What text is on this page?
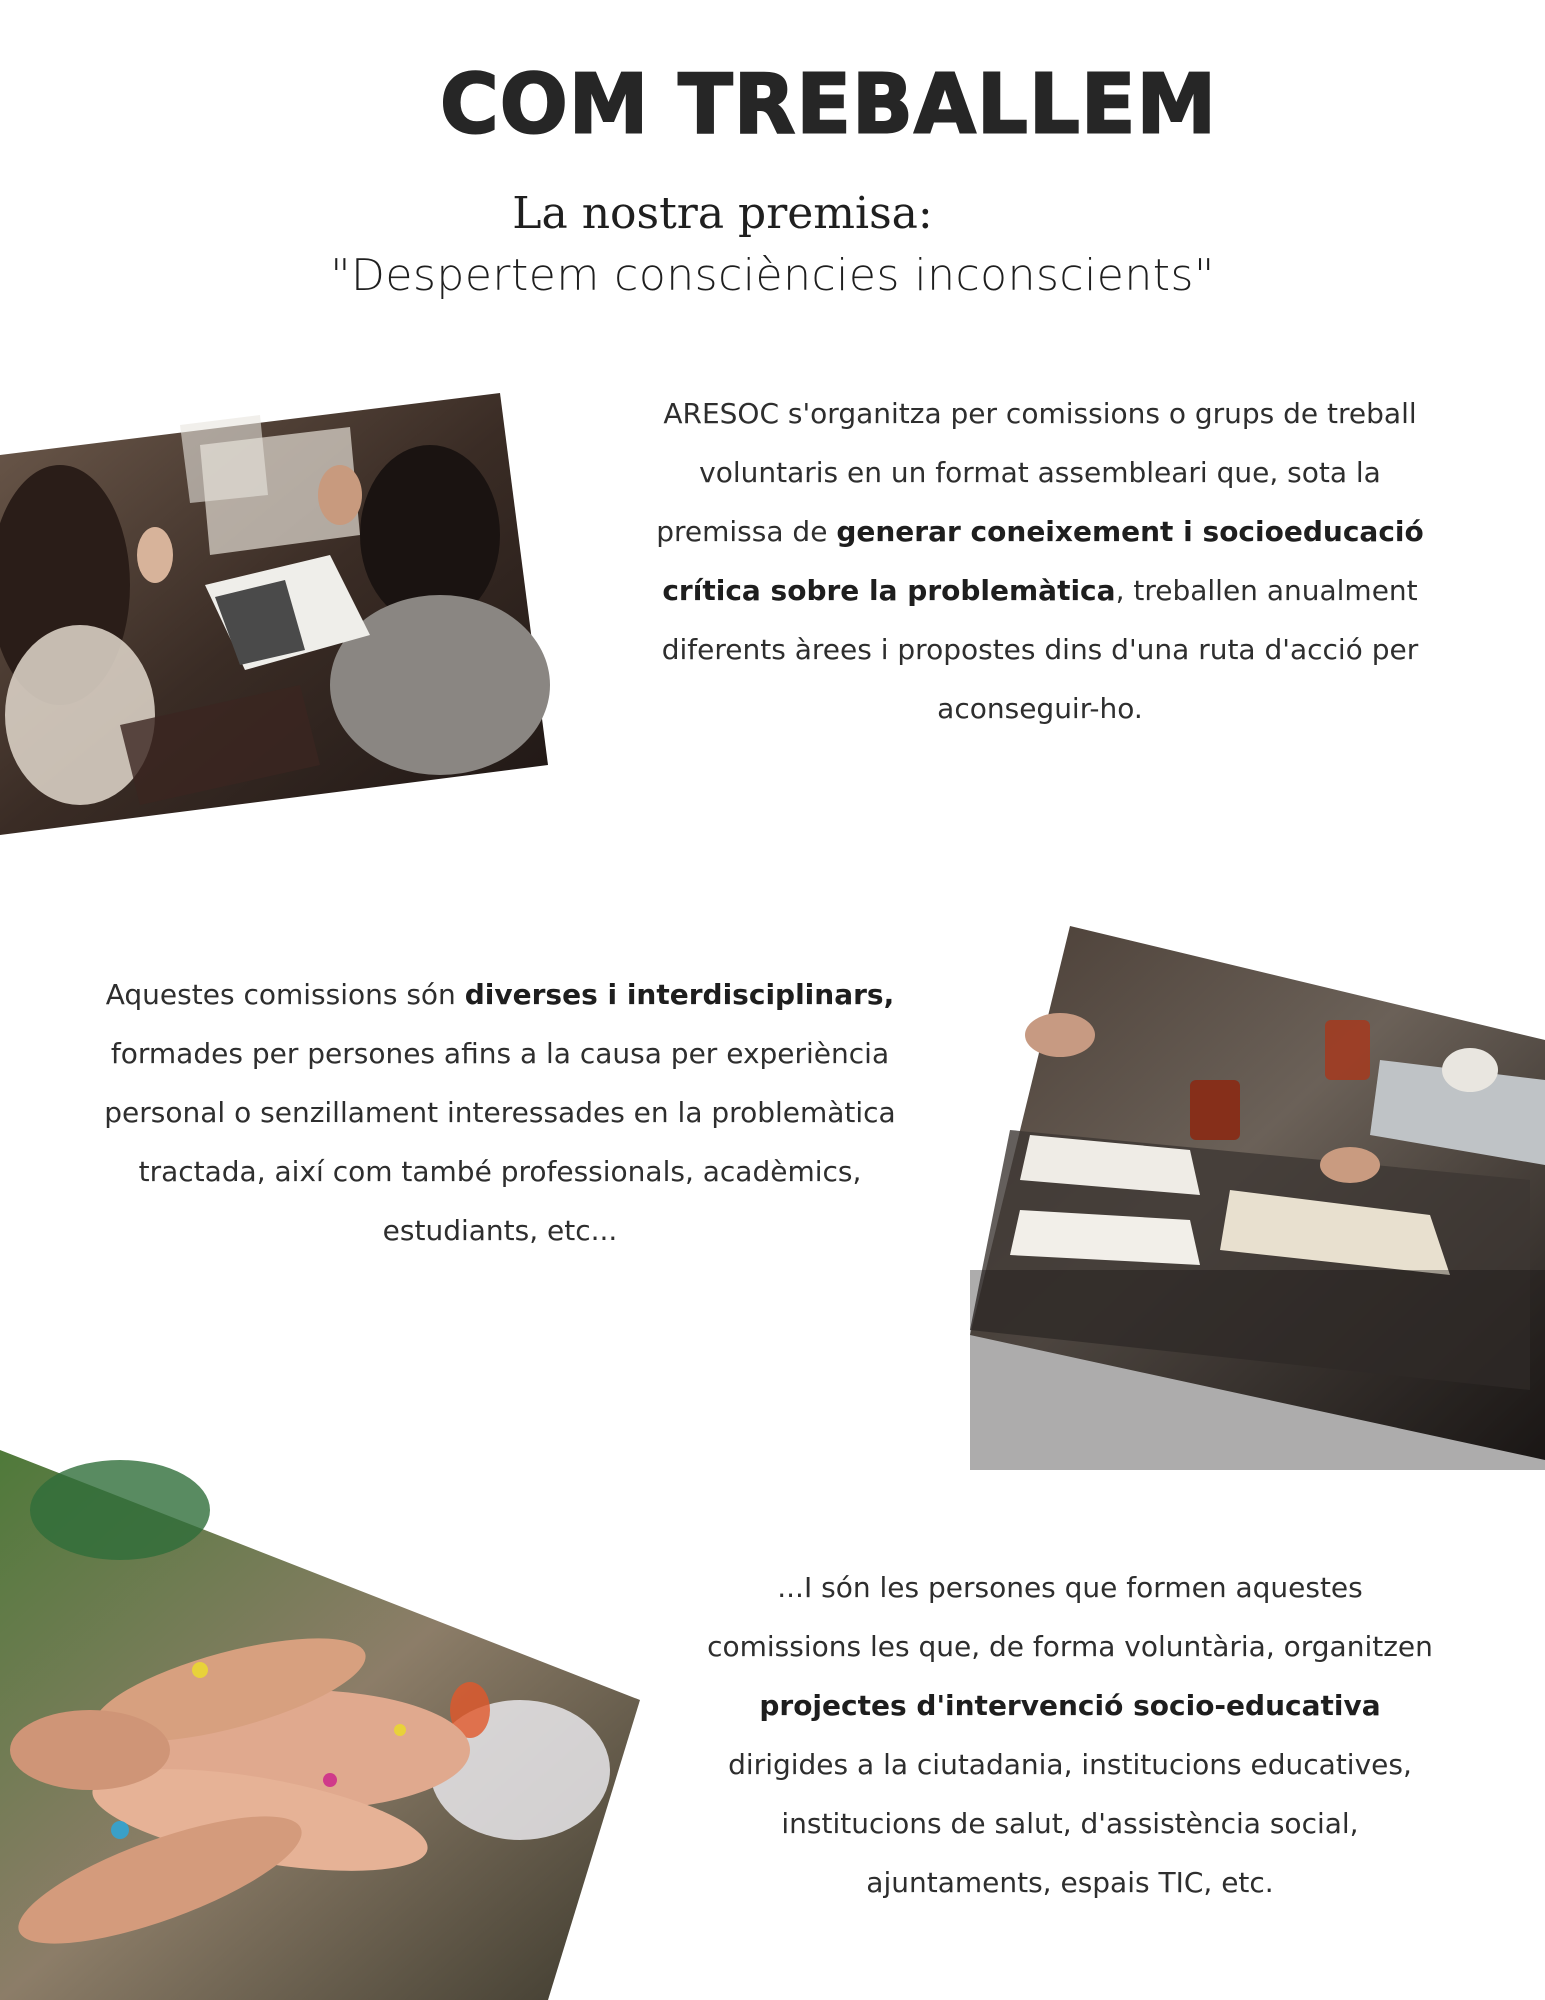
COM TREBALLEM
La nostra premisa:
"Despertem consciències inconscients"
ARESOC s'organitza per comissions o grups de treball voluntaris en un format assembleari que, sota la premissa de generar coneixement i socioeducació crítica sobre la problemàtica, treballen anualment diferents àrees i propostes dins d'una ruta d'acció per aconseguir-ho.
Aquestes comissions són diverses i interdisciplinars, formades per persones afins a la causa per experiència personal o senzillament interessades en la problemàtica tractada, així com també professionals, acadèmics, estudiants, etc...
...I són les persones que formen aquestes comissions les que, de forma voluntària, organitzen projectes d'intervenció socio-educativa dirigides a la ciutadania, institucions educatives, institucions de salut, d'assistència social, ajuntaments, espais TIC, etc.
